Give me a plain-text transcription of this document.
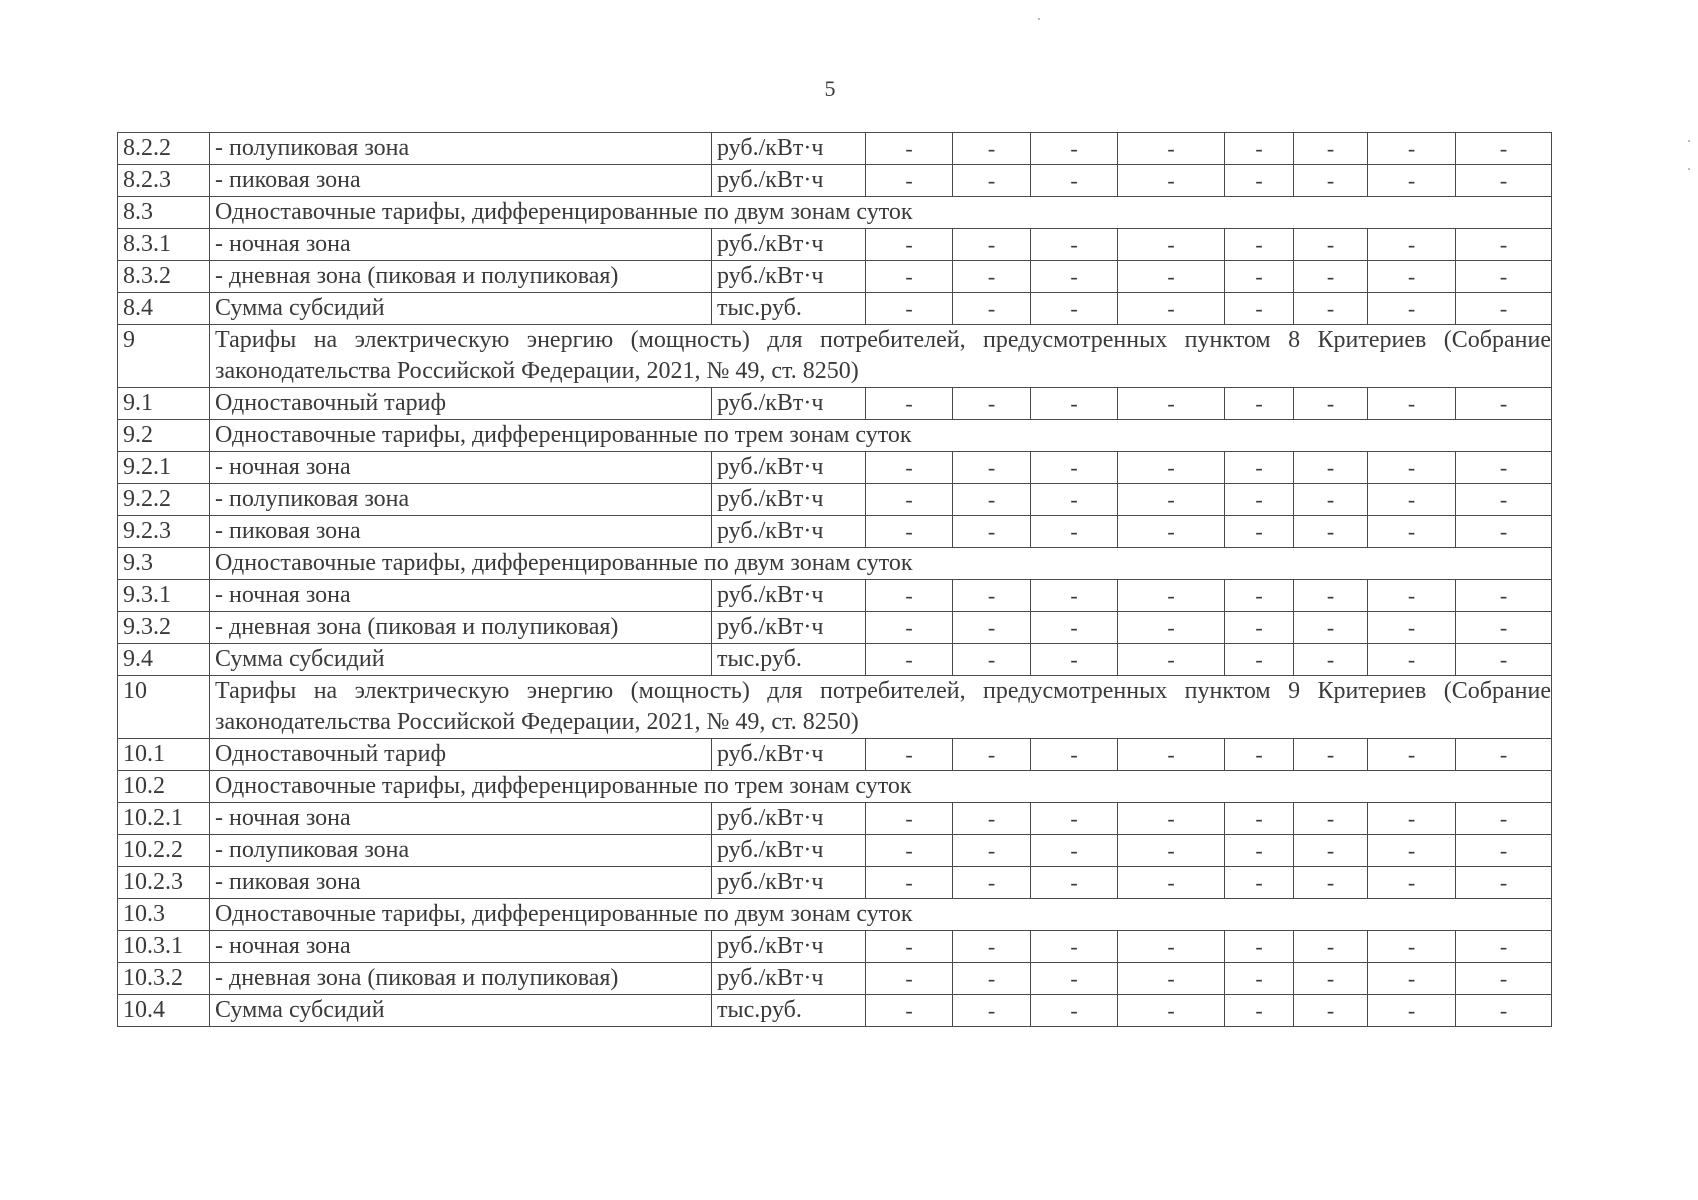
5
8.2.2	- полупиковая зона	руб./кВт·ч	-	-	-	-	-	-	-	-
8.2.3	- пиковая зона	руб./кВт·ч	-	-	-	-	-	-	-	-
8.3	Одноставочные тарифы, дифференцированные по двум зонам суток									
8.3.1	- ночная зона	руб./кВт·ч	-	-	-	-	-	-	-	-
8.3.2	- дневная зона (пиковая и полупиковая)	руб./кВт·ч	-	-	-	-	-	-	-	-
8.4	Сумма субсидий	тыс.руб.	-	-	-	-	-	-	-	-
9	Тарифы на электрическую энергию (мощность) для потребителей, предусмотренных пунктом 8 Критериев (Собрание законодательства Российской Федерации, 2021, № 49, ст. 8250)									
9.1	Одноставочный тариф	руб./кВт·ч	-	-	-	-	-	-	-	-
9.2	Одноставочные тарифы, дифференцированные по трем зонам суток									
9.2.1	- ночная зона	руб./кВт·ч	-	-	-	-	-	-	-	-
9.2.2	- полупиковая зона	руб./кВт·ч	-	-	-	-	-	-	-	-
9.2.3	- пиковая зона	руб./кВт·ч	-	-	-	-	-	-	-	-
9.3	Одноставочные тарифы, дифференцированные по двум зонам суток									
9.3.1	- ночная зона	руб./кВт·ч	-	-	-	-	-	-	-	-
9.3.2	- дневная зона (пиковая и полупиковая)	руб./кВт·ч	-	-	-	-	-	-	-	-
9.4	Сумма субсидий	тыс.руб.	-	-	-	-	-	-	-	-
10	Тарифы на электрическую энергию (мощность) для потребителей, предусмотренных пунктом 9 Критериев (Собрание законодательства Российской Федерации, 2021, № 49, ст. 8250)									
10.1	Одноставочный тариф	руб./кВт·ч	-	-	-	-	-	-	-	-
10.2	Одноставочные тарифы, дифференцированные по трем зонам суток									
10.2.1	- ночная зона	руб./кВт·ч	-	-	-	-	-	-	-	-
10.2.2	- полупиковая зона	руб./кВт·ч	-	-	-	-	-	-	-	-
10.2.3	- пиковая зона	руб./кВт·ч	-	-	-	-	-	-	-	-
10.3	Одноставочные тарифы, дифференцированные по двум зонам суток									
10.3.1	- ночная зона	руб./кВт·ч	-	-	-	-	-	-	-	-
10.3.2	- дневная зона (пиковая и полупиковая)	руб./кВт·ч	-	-	-	-	-	-	-	-
10.4	Сумма субсидий	тыс.руб.	-	-	-	-	-	-	-	-
